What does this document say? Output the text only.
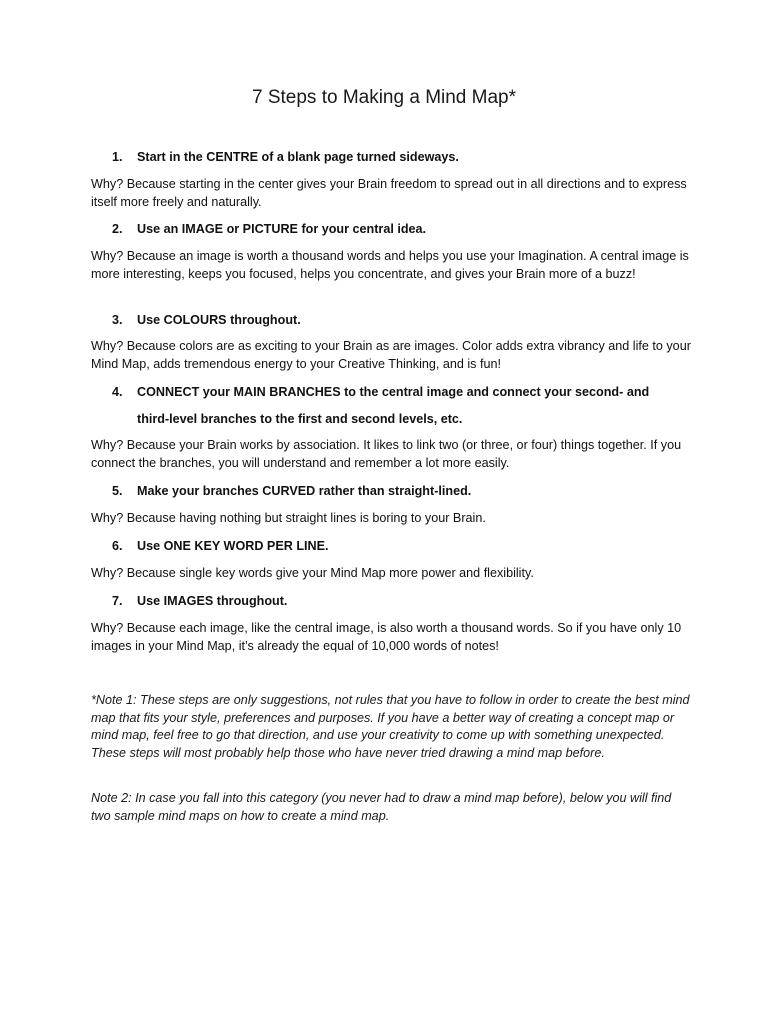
7 Steps to Making a Mind Map*
1. Start in the CENTRE of a blank page turned sideways.
Why? Because starting in the center gives your Brain freedom to spread out in all directions and to express itself more freely and naturally.
2. Use an IMAGE or PICTURE for your central idea.
Why? Because an image is worth a thousand words and helps you use your Imagination. A central image is more interesting, keeps you focused, helps you concentrate, and gives your Brain more of a buzz!
3. Use COLOURS throughout.
Why? Because colors are as exciting to your Brain as are images. Color adds extra vibrancy and life to your Mind Map, adds tremendous energy to your Creative Thinking, and is fun!
4. CONNECT your MAIN BRANCHES to the central image and connect your second- and
third-level branches to the first and second levels, etc.
Why? Because your Brain works by association. It likes to link two (or three, or four) things together. If you connect the branches, you will understand and remember a lot more easily.
5. Make your branches CURVED rather than straight-lined.
Why? Because having nothing but straight lines is boring to your Brain.
6. Use ONE KEY WORD PER LINE.
Why? Because single key words give your Mind Map more power and flexibility.
7. Use IMAGES throughout.
Why? Because each image, like the central image, is also worth a thousand words. So if you have only 10 images in your Mind Map, it’s already the equal of 10,000 words of notes!
*Note 1: These steps are only suggestions, not rules that you have to follow in order to create the best mind map that fits your style, preferences and purposes. If you have a better way of creating a concept map or mind map, feel free to go that direction, and use your creativity to come up with something unexpected. These steps will most probably help those who have never tried drawing a mind map before.
Note 2: In case you fall into this category (you never had to draw a mind map before), below you will find two sample mind maps on how to create a mind map.
